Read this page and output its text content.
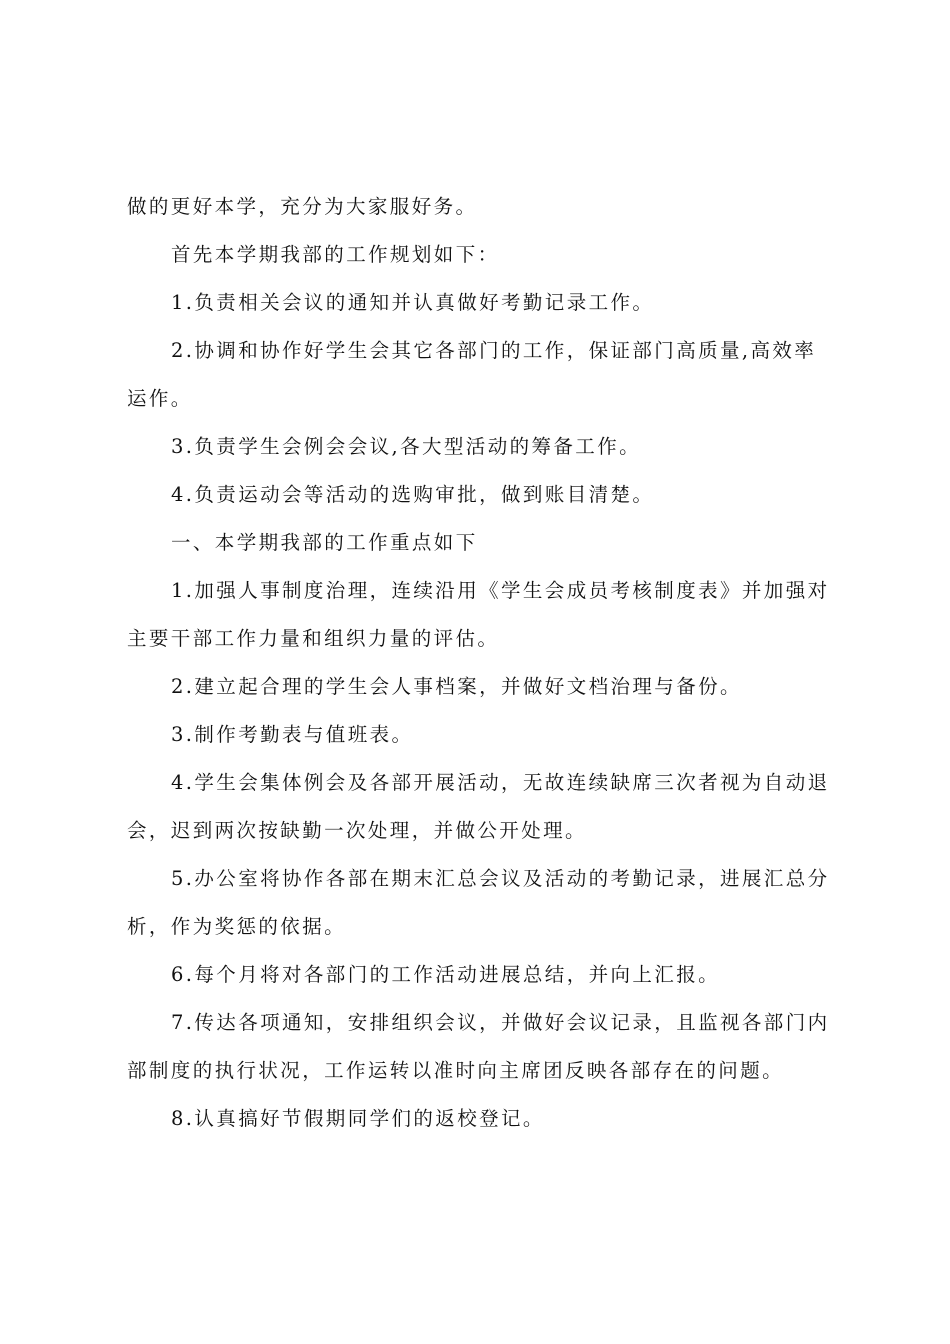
做的更好本学，充分为大家服好务。

首先本学期我部的工作规划如下：

1.负责相关会议的通知并认真做好考勤记录工作。

2.协调和协作好学生会其它各部门的工作，保证部门高质量,高效率运作。

3.负责学生会例会会议,各大型活动的筹备工作。

4.负责运动会等活动的选购审批，做到账目清楚。

一、本学期我部的工作重点如下

1.加强人事制度治理，连续沿用《学生会成员考核制度表》并加强对主要干部工作力量和组织力量的评估。

2.建立起合理的学生会人事档案，并做好文档治理与备份。

3.制作考勤表与值班表。

4.学生会集体例会及各部开展活动，无故连续缺席三次者视为自动退会，迟到两次按缺勤一次处理，并做公开处理。

5.办公室将协作各部在期末汇总会议及活动的考勤记录，进展汇总分析，作为奖惩的依据。

6.每个月将对各部门的工作活动进展总结，并向上汇报。

7.传达各项通知，安排组织会议，并做好会议记录，且监视各部门内部制度的执行状况，工作运转以准时向主席团反映各部存在的问题。

8.认真搞好节假期同学们的返校登记。
